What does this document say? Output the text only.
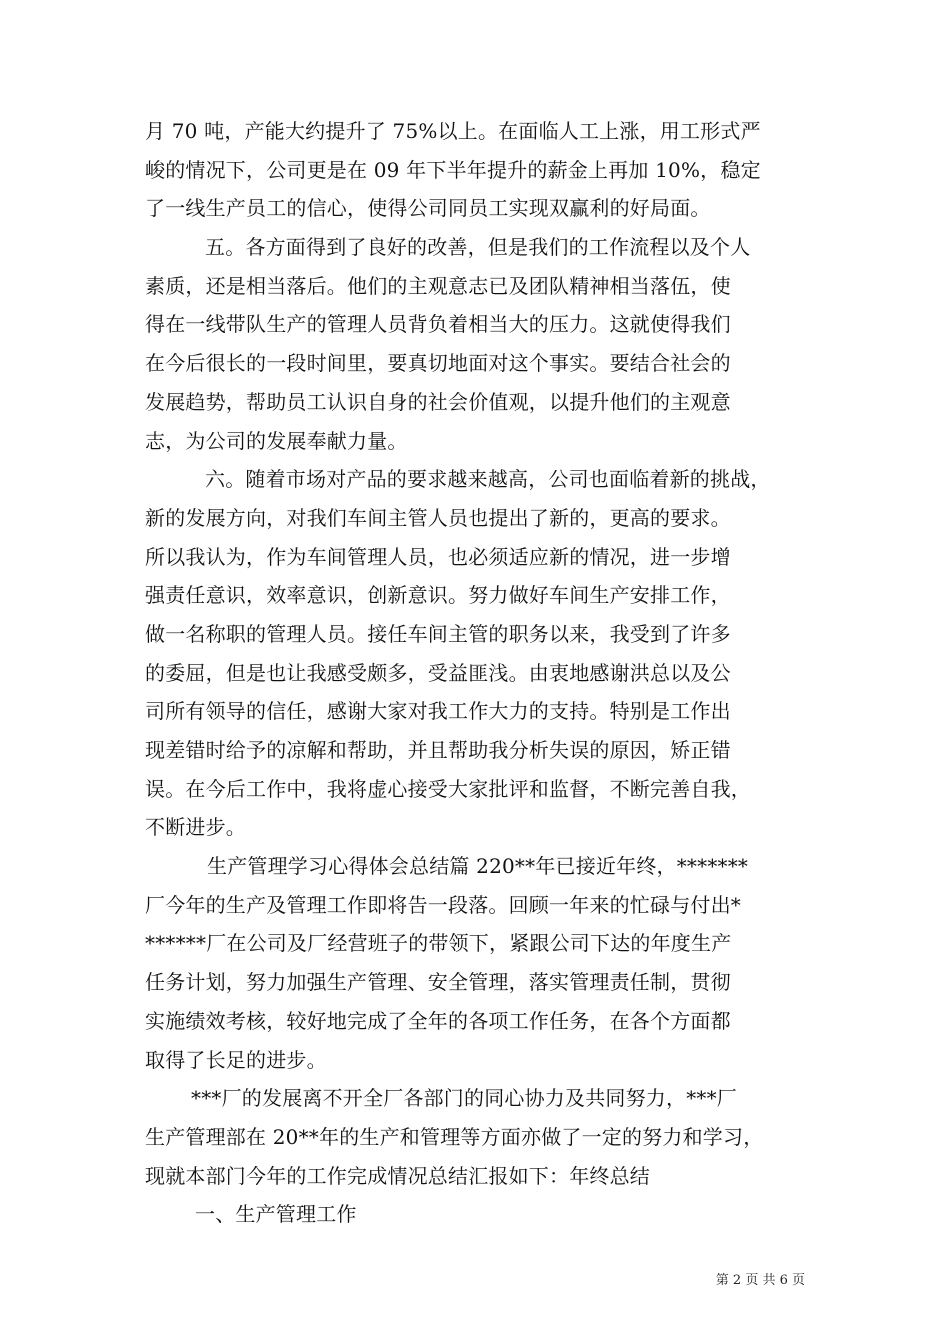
月 70 吨，产能大约提升了 75%以上。在面临人工上涨，用工形式严
峻的情况下，公司更是在 09 年下半年提升的薪金上再加 10%，稳定
了一线生产员工的信心，使得公司同员工实现双赢利的好局面。
五。各方面得到了良好的改善，但是我们的工作流程以及个人
素质，还是相当落后。他们的主观意志已及团队精神相当落伍，使
得在一线带队生产的管理人员背负着相当大的压力。这就使得我们
在今后很长的一段时间里，要真切地面对这个事实。要结合社会的
发展趋势，帮助员工认识自身的社会价值观，以提升他们的主观意
志，为公司的发展奉献力量。
六。随着市场对产品的要求越来越高，公司也面临着新的挑战，
新的发展方向，对我们车间主管人员也提出了新的，更高的要求。
所以我认为，作为车间管理人员，也必须适应新的情况，进一步增
强责任意识，效率意识，创新意识。努力做好车间生产安排工作，
做一名称职的管理人员。接任车间主管的职务以来，我受到了许多
的委屈，但是也让我感受颇多，受益匪浅。由衷地感谢洪总以及公
司所有领导的信任，感谢大家对我工作大力的支持。特别是工作出
现差错时给予的凉解和帮助，并且帮助我分析失误的原因，矫正错
误。在今后工作中，我将虚心接受大家批评和监督，不断完善自我，
不断进步。
生产管理学习心得体会总结篇 220**年已接近年终，*******
厂今年的生产及管理工作即将告一段落。回顾一年来的忙碌与付出*
******厂在公司及厂经营班子的带领下，紧跟公司下达的年度生产
任务计划，努力加强生产管理、安全管理，落实管理责任制，贯彻
实施绩效考核，较好地完成了全年的各项工作任务，在各个方面都
取得了长足的进步。
***厂的发展离不开全厂各部门的同心协力及共同努力，***厂
生产管理部在 20**年的生产和管理等方面亦做了一定的努力和学习，
现就本部门今年的工作完成情况总结汇报如下：年终总结
一、生产管理工作
第 2 页 共 6 页
